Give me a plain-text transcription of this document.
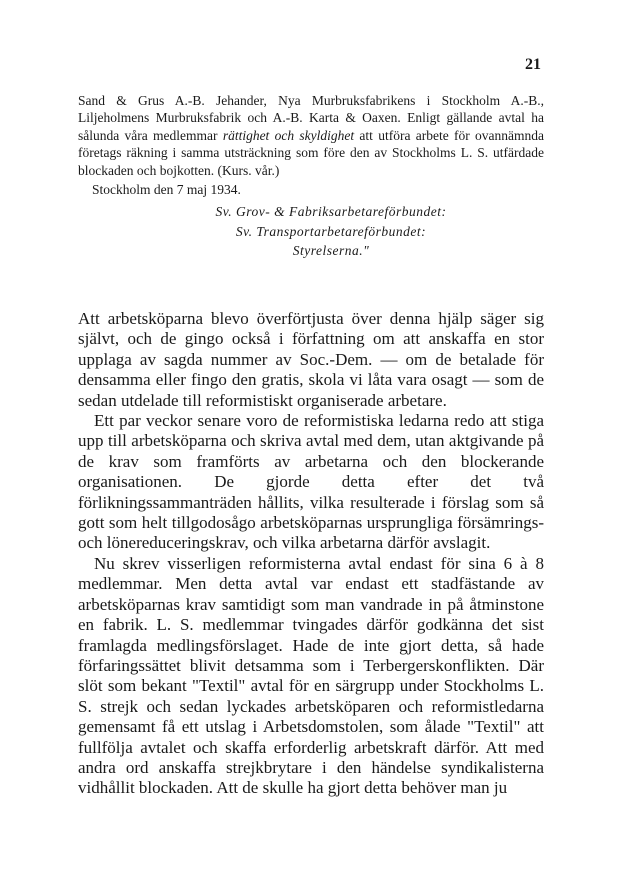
21

Sand & Grus A.-B. Jehander, Nya Murbruksfabrikens i Stockholm A.-B., Liljeholmens Murbruksfabrik och A.-B. Karta & Oaxen. Enligt gällande avtal ha sålunda våra medlemmar rättighet och skyldighet att utföra arbete för ovannämnda företags räkning i samma utsträckning som före den av Stockholms L. S. utfärdade blockaden och bojkotten. (Kurs. vår.)

Stockholm den 7 maj 1934.

Sv. Grov- & Fabriksarbetareförbundet:
Sv. Transportarbetareförbundet:
Styrelserna."

Att arbetsköparna blevo överförtjusta över denna hjälp säger sig självt, och de gingo också i författning om att anskaffa en stor upplaga av sagda nummer av Soc.-Dem. — om de betalade för densamma eller fingo den gratis, skola vi låta vara osagt — som de sedan utdelade till reformistiskt organiserade arbetare.

Ett par veckor senare voro de reformistiska ledarna redo att stiga upp till arbetsköparna och skriva avtal med dem, utan aktgivande på de krav som framförts av arbetarna och den blockerande organisationen. De gjorde detta efter det två förlikningssammanträden hållits, vilka resulterade i förslag som så gott som helt tillgodosågo arbetsköparnas ursprungliga försämrings- och lönereduceringskrav, och vilka arbetarna därför avslagit.

Nu skrev visserligen reformisterna avtal endast för sina 6 à 8 medlemmar. Men detta avtal var endast ett stadfästande av arbetsköparnas krav samtidigt som man vandrade in på åtminstone en fabrik. L. S. medlemmar tvingades därför godkänna det sist framlagda medlingsförslaget. Hade de inte gjort detta, så hade förfaringssättet blivit detsamma som i Terbergerskonflikten. Där slöt som bekant "Textil" avtal för en särgrupp under Stockholms L. S. strejk och sedan lyckades arbetsköparen och reformistledarna gemensamt få ett utslag i Arbetsdomstolen, som ålade "Textil" att fullfölja avtalet och skaffa erforderlig arbetskraft därför. Att med andra ord anskaffa strejkbrytare i den händelse syndikalisterna vidhållit blockaden. Att de skulle ha gjort detta behöver man ju
